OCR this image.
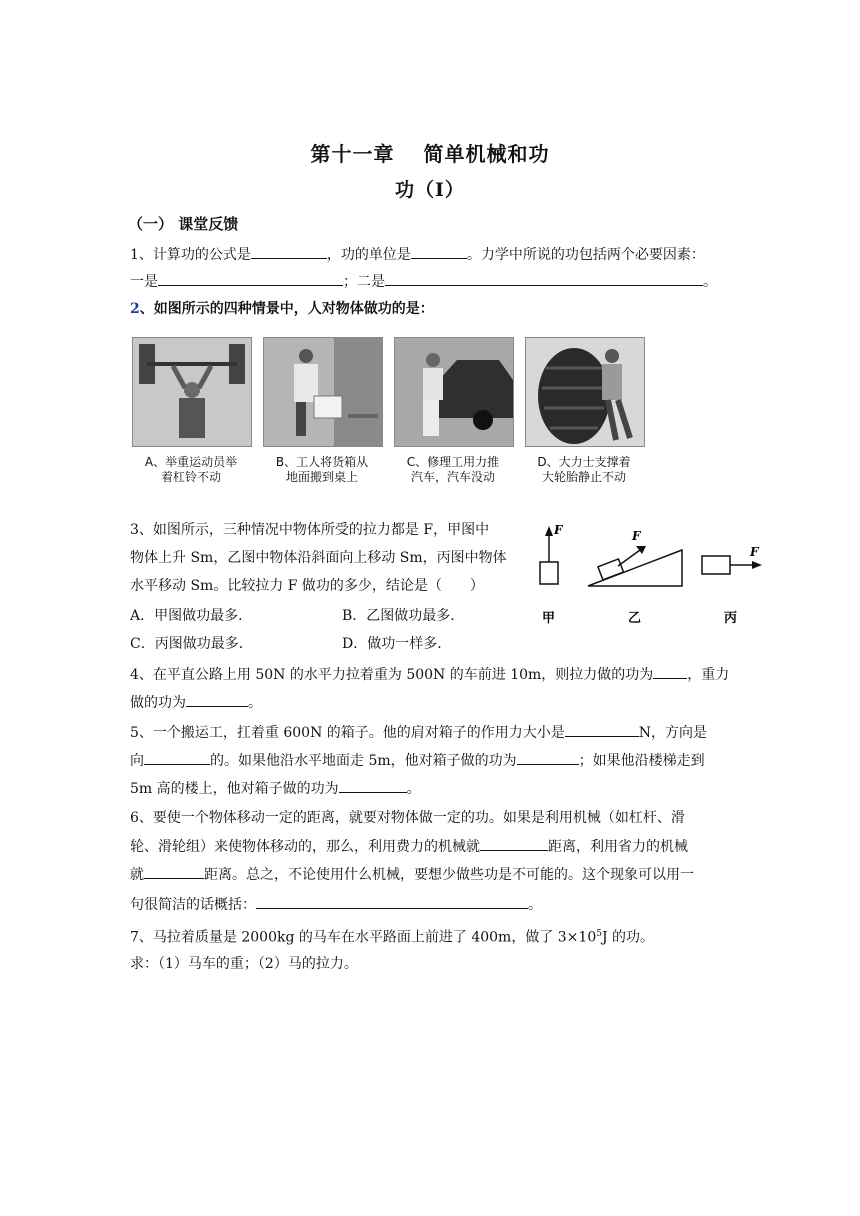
第十一章　 简单机械和功
功（I）
（一） 课堂反馈
1、计算功的公式是	，功的单位是	。力学中所说的功包括两个必要因素：
一是	；二是	。
2、如图所示的四种情景中，人对物体做功的是：
A、举重运动员举
着杠铃不动
B、工人将货箱从
地面搬到桌上
C、修理工用力推
汽车，汽车没动
D、大力士支撑着
大轮胎静止不动
3、如图所示，三种情况中物体所受的拉力都是 F，甲图中
物体上升 Sm，乙图中物体沿斜面向上移动 Sm，丙图中物体
水平移动 Sm。比较拉力 F 做功的多少，结论是（　　）
A．甲图做功最多．	B．乙图做功最多．
C．丙图做功最多．	D．做功一样多．
F	F
F
甲	乙	丙
4、在平直公路上用 50N 的水平力拉着重为 500N 的车前进 10m，则拉力做的功为 ，重力
做的功为	。
5、一个搬运工，扛着重 600N 的箱子。他的肩对箱子的作用力大小是	N，方向是
向	的。如果他沿水平地面走 5m，他对箱子做的功为	；如果他沿楼梯走到
5m 高的楼上，他对箱子做的功为	。
6、要使一个物体移动一定的距离，就要对物体做一定的功。如果是利用机械（如杠杆、滑
轮、滑轮组）来使物体移动的，那么，利用费力的机械就	距离，利用省力的机械
就	距离。总之，不论使用什么机械，要想少做些功是不可能的。这个现象可以用一
句很简洁的话概括：	。
7、马拉着质量是 2000kg 的马车在水平路面上前进了 400m，做了 $3\times 10^5J$ 的功。
求：（1）马车的重；（2）马的拉力。
